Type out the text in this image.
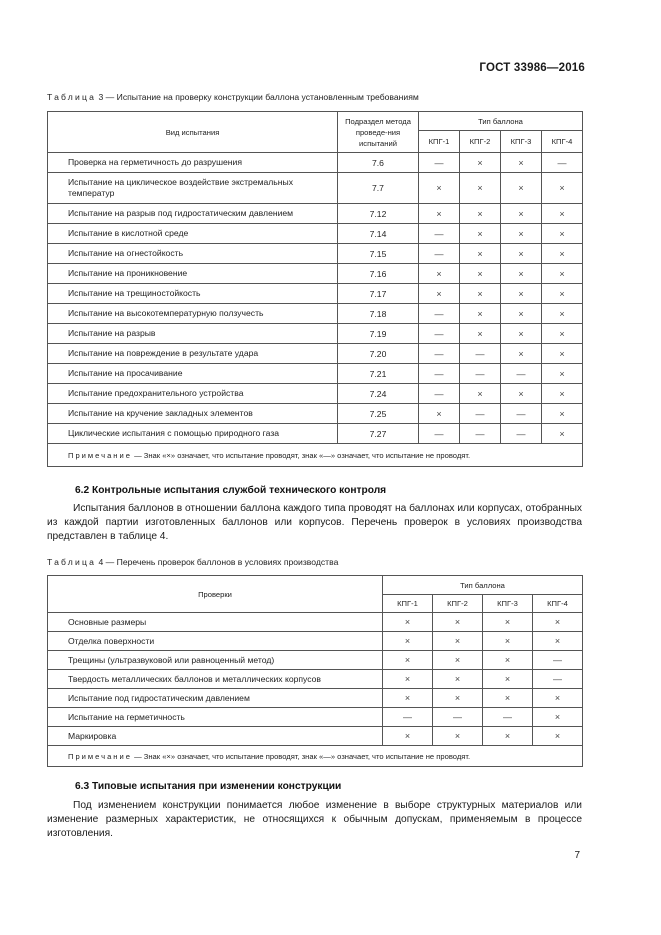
ГОСТ 33986—2016
Таблица 3 — Испытание на проверку конструкции баллона установленным требованиям
Вид испытания	Подраздел метода проведе-ния испытаний	Тип баллона			
		КПГ-1	КПГ-2	КПГ-3	КПГ-4
Проверка на герметичность до разрушения	7.6	—	×	×	—
Испытание на циклическое воздействие экстремальных температур	7.7	×	×	×	×
Испытание на разрыв под гидростатическим давлением	7.12	×	×	×	×
Испытание в кислотной среде	7.14	—	×	×	×
Испытание на огнестойкость	7.15	—	×	×	×
Испытание на проникновение	7.16	×	×	×	×
Испытание на трещиностойкость	7.17	×	×	×	×
Испытание на высокотемпературную ползучесть	7.18	—	×	×	×
Испытание на разрыв	7.19	—	×	×	×
Испытание на повреждение в результате удара	7.20	—	—	×	×
Испытание на просачивание	7.21	—	—	—	×
Испытание предохранительного устройства	7.24	—	×	×	×
Испытание на кручение закладных элементов	7.25	×	—	—	×
Циклические испытания с помощью природного газа	7.27	—	—	—	×
Примечание — Знак «×» означает, что испытание проводят, знак «—» означает, что испытание не проводят.					
6.2 Контрольные испытания службой технического контроля

Испытания баллонов в отношении баллона каждого типа проводят на баллонах или корпусах, отобранных из каждой партии изготовленных баллонов или корпусов. Перечень проверок в условиях производства представлен в таблице 4.

Таблица 4 — Перечень проверок баллонов в условиях производства
Проверки	Тип баллона			
	КПГ-1	КПГ-2	КПГ-3	КПГ-4
Основные размеры	×	×	×	×
Отделка поверхности	×	×	×	×
Трещины (ультразвуковой или равноценный метод)	×	×	×	—
Твердость металлических баллонов и металлических корпусов	×	×	×	—
Испытание под гидростатическим давлением	×	×	×	×
Испытание на герметичность	—	—	—	×
Маркировка	×	×	×	×
Примечание — Знак «×» означает, что испытание проводят, знак «—» означает, что испытание не проводят.				
6.3 Типовые испытания при изменении конструкции

Под изменением конструкции понимается любое изменение в выборе структурных материалов или изменение размерных характеристик, не относящихся к обычным допускам, применяемым в процессе изготовления.

7
